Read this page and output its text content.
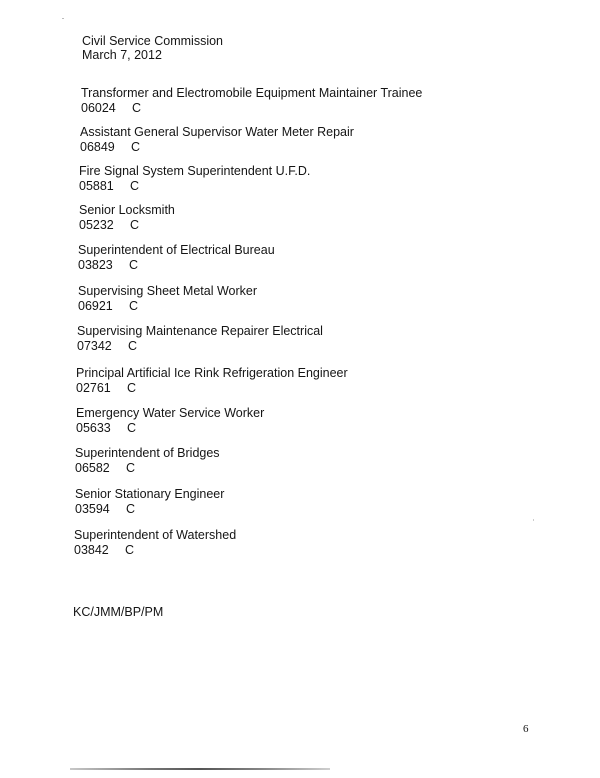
Civil Service Commission
March 7, 2012
Transformer and Electromobile Equipment Maintainer Trainee
06024 C
Assistant General Supervisor Water Meter Repair
06849 C
Fire Signal System Superintendent U.F.D.
05881 C
Senior Locksmith
05232 C
Superintendent of Electrical Bureau
03823 C
Supervising Sheet Metal Worker
06921 C
Supervising Maintenance Repairer Electrical
07342 C
Principal Artificial Ice Rink Refrigeration Engineer
02761 C
Emergency Water Service Worker
05633 C
Superintendent of Bridges
06582 C
Senior Stationary Engineer
03594 C
Superintendent of Watershed
03842 C
KC/JMM/BP/PM
6
